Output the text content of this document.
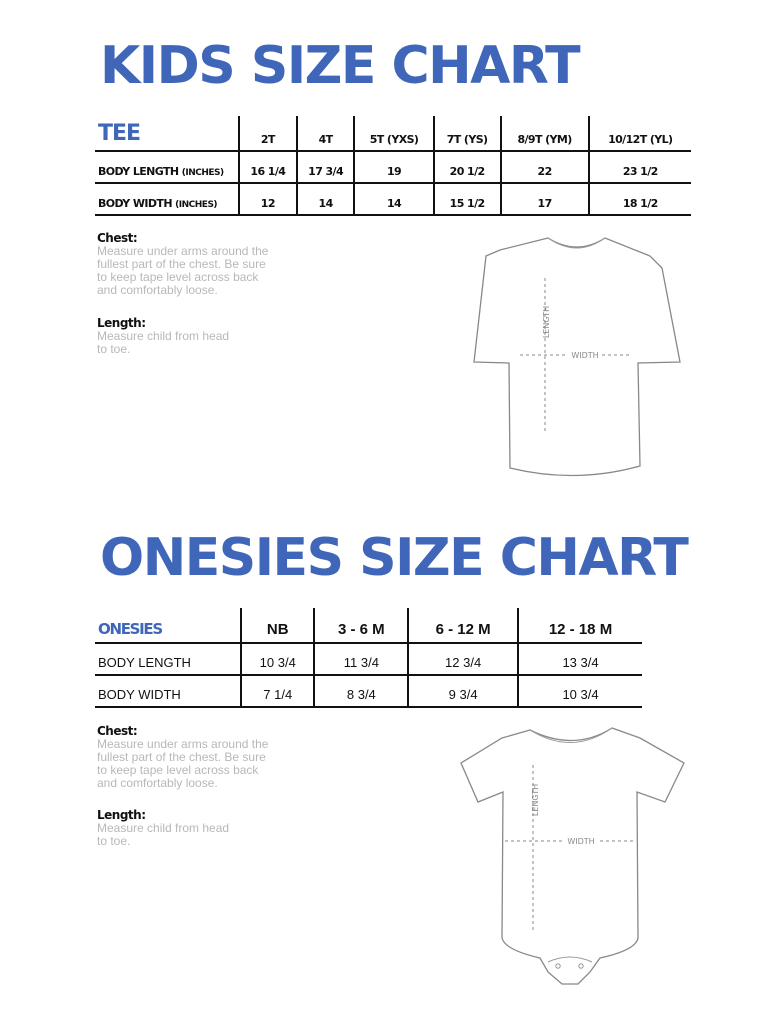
KIDS SIZE CHART
TEE	2T	4T	5T (YXS)	7T (YS)	8/9T (YM)	10/12T (YL)
BODY LENGTH (INCHES)	16 1/4	17 3/4	19	20 1/2	22	23 1/2
BODY WIDTH (INCHES)	12	14	14	15 1/2	17	18 1/2
Chest:
Measure under arms around the
fullest part of the chest. Be sure
to keep tape level across back
and comfortably loose.
Length:
Measure child from head
to toe.
LENGTH
WIDTH
ONESIES SIZE CHART
ONESIES	NB	3 - 6 M	6 - 12 M	12 - 18 M
BODY LENGTH	10 3/4	11 3/4	12 3/4	13 3/4
BODY WIDTH	7 1/4	8 3/4	9 3/4	10 3/4
Chest:
Measure under arms around the
fullest part of the chest. Be sure
to keep tape level across back
and comfortably loose.
Length:
Measure child from head
to toe.
LENGTH
WIDTH
